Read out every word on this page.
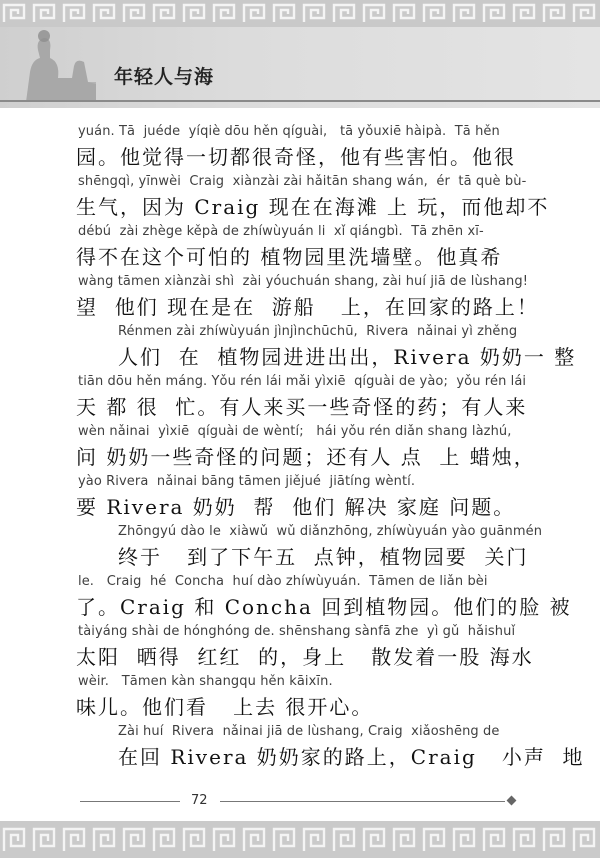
年轻人与海
yuán. Tā  juéde  yíqiè dōu hěn qíguài,   tā yǒuxiē hàipà.  Tā hěn
园。他觉得一切都很奇怪，他有些害怕。他很
shēngqì, yīnwèi  Craig  xiànzài zài hǎitān shang wán,  ér  tā què bù-
生气，因为 Craig 现在在海滩 上 玩，而他却不
débú  zài zhège kěpà de zhíwùyuán li  xǐ qiángbì.  Tā zhēn xī-
得不在这个可怕的 植物园里洗墙壁。他真希
wàng tāmen xiànzài shì  zài yóuchuán shang, zài huí jiā de lùshang!
望  他们 现在是在  游船   上，在回家的路上！
Rénmen zài zhíwùyuán jìnjìnchūchū,  Rivera  nǎinai yì zhěng
人们  在  植物园进进出出，Rivera 奶奶一 整
tiān dōu hěn máng. Yǒu rén lái mǎi yìxiē  qíguài de yào;  yǒu rén lái
天 都 很  忙。有人来买一些奇怪的药；有人来
wèn nǎinai  yìxiē  qíguài de wèntí;   hái yǒu rén diǎn shang làzhú,
问 奶奶一些奇怪的问题；还有人 点  上 蜡烛，
yào Rivera  nǎinai bāng tāmen jiějué  jiātíng wèntí.
要 Rivera 奶奶  帮  他们 解决 家庭 问题。
Zhōngyú dào le  xiàwǔ  wǔ diǎnzhōng, zhíwùyuán yào guānmén
终于   到了下午五  点钟，植物园要  关门
le.   Craig  hé  Concha  huí dào zhíwùyuán.  Tāmen de liǎn bèi
了。Craig 和 Concha 回到植物园。他们的脸 被
tàiyáng shài de hónghóng de. shēnshang sànfā zhe  yì gǔ  hǎishuǐ
太阳  晒得  红红  的，身上   散发着一股 海水
wèir.   Tāmen kàn shangqu hěn kāixīn.
味儿。他们看   上去 很开心。
Zài huí  Rivera  nǎinai jiā de lùshang, Craig  xiǎoshēng de
在回 Rivera 奶奶家的路上，Craig   小声  地
72
